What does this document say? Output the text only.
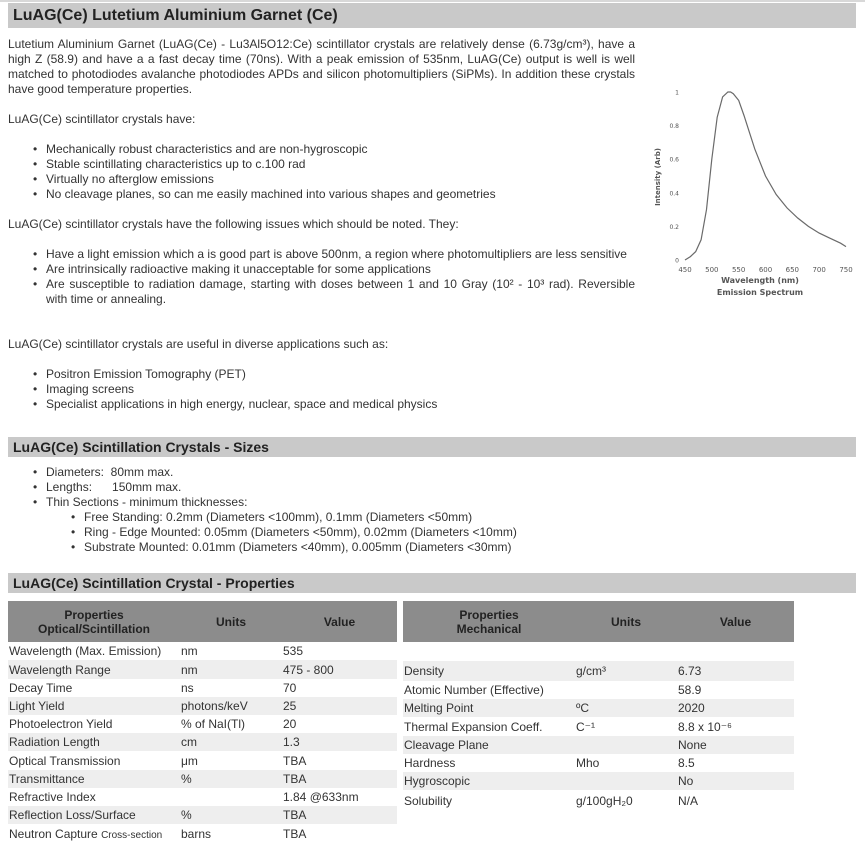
LuAG(Ce) Lutetium Aluminium Garnet (Ce)

Lutetium Aluminium Garnet (LuAG(Ce) - Lu3Al5O12:Ce) scintillator crystals are relatively dense (6.73g/cm³), have a high Z (58.9) and have a a fast decay time (70ns). With a peak emission of 535nm, LuAG(Ce) output is well is well matched to photodiodes avalanche photodiodes APDs and silicon photomultipliers (SiPMs). In addition these crystals have good temperature properties.

LuAG(Ce) scintillator crystals have:

• Mechanically robust characteristics and are non-hygroscopic
• Stable scintillating characteristics up to c.100 rad
• Virtually no afterglow emissions
• No cleavage planes, so can me easily machined into various shapes and geometries

LuAG(Ce) scintillator crystals have the following issues which should be noted. They:

• Have a light emission which a is good part is above 500nm, a region where photomultipliers are less sensitive
• Are intrinsically radioactive making it unacceptable for some applications
• Are susceptible to radiation damage, starting with doses between 1 and 10 Gray (10² - 10³ rad). Reversible with time or annealing.

LuAG(Ce) scintillator crystals are useful in diverse applications such as:

• Positron Emission Tomography (PET)
• Imaging screens
• Specialist applications in high energy, nuclear, space and medical physics
Emission Spectrum
Wavelength (nm)
Intensity (Arb)
450 500 550 600 650 700 750
0
0.2
0.4
0.6
0.8
1
LuAG(Ce) Scintillation Crystals - Sizes
• Diameters:  80mm max.
• Lengths:      150mm max.
• Thin Sections - minimum thicknesses:
• Free Standing: 0.2mm (Diameters <100mm), 0.1mm (Diameters <50mm)
• Ring - Edge Mounted: 0.05mm (Diameters <50mm), 0.02mm (Diameters <10mm)
• Substrate Mounted: 0.01mm (Diameters <40mm), 0.005mm (Diameters <30mm)
LuAG(Ce) Scintillation Crystal - Properties
Properties
Optical/Scintillation	Units	Value
Wavelength (Max. Emission)	nm	535
Wavelength Range	nm	475 - 800
Decay Time	ns	70
Light Yield	photons/keV	25
Photoelectron Yield	% of NaI(Tl)	20
Radiation Length	cm	1.3
Optical Transmission	μm	TBA
Transmittance	%	TBA
Refractive Index		1.84 @633nm
Reflection Loss/Surface	%	TBA
Neutron Capture Cross-section	barns	TBA
Properties
Mechanical	Units	Value

Density	g/cm³	6.73
Atomic Number (Effective)		58.9
Melting Point	ºC	2020
Thermal Expansion Coeff.	C⁻¹	8.8 x 10⁻⁶
Cleavage Plane		None
Hardness	Mho	8.5
Hygroscopic		No
Solubility	g/100gH₂0	N/A
